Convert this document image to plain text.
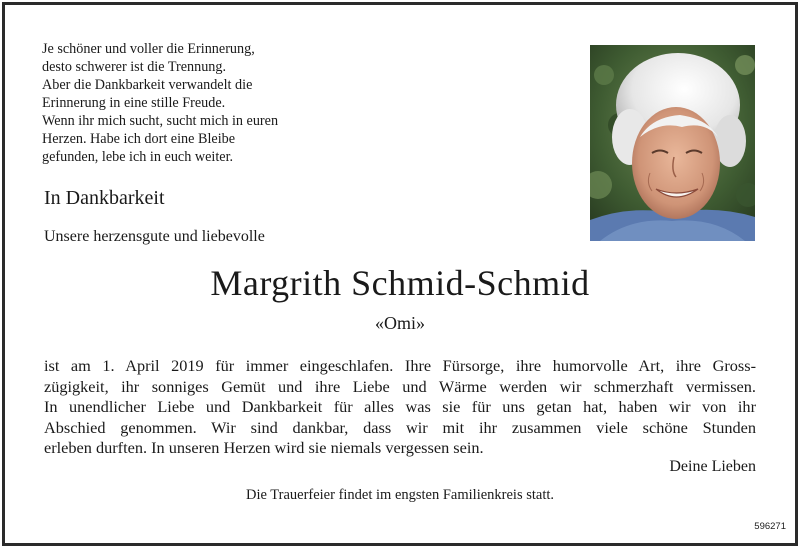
Je schöner und voller die Erinnerung,
desto schwerer ist die Trennung.
Aber die Dankbarkeit verwandelt die
Erinnerung in eine stille Freude.
Wenn ihr mich sucht, sucht mich in euren
Herzen. Habe ich dort eine Bleibe
gefunden, lebe ich in euch weiter.
In Dankbarkeit
Unsere herzensgute und liebevolle
Margrith Schmid-Schmid
«Omi»
ist am 1. April 2019 für immer eingeschlafen. Ihre Fürsorge, ihre humorvolle Art, ihre Gross-
zügigkeit, ihr sonniges Gemüt und ihre Liebe und Wärme werden wir schmerzhaft vermissen.
In unendlicher Liebe und Dankbarkeit für alles was sie für uns getan hat, haben wir von ihr
Abschied genommen. Wir sind dankbar, dass wir mit ihr zusammen viele schöne Stunden
erleben durften. In unseren Herzen wird sie niemals vergessen sein.
Deine Lieben
Die Trauerfeier findet im engsten Familienkreis statt.
596271
